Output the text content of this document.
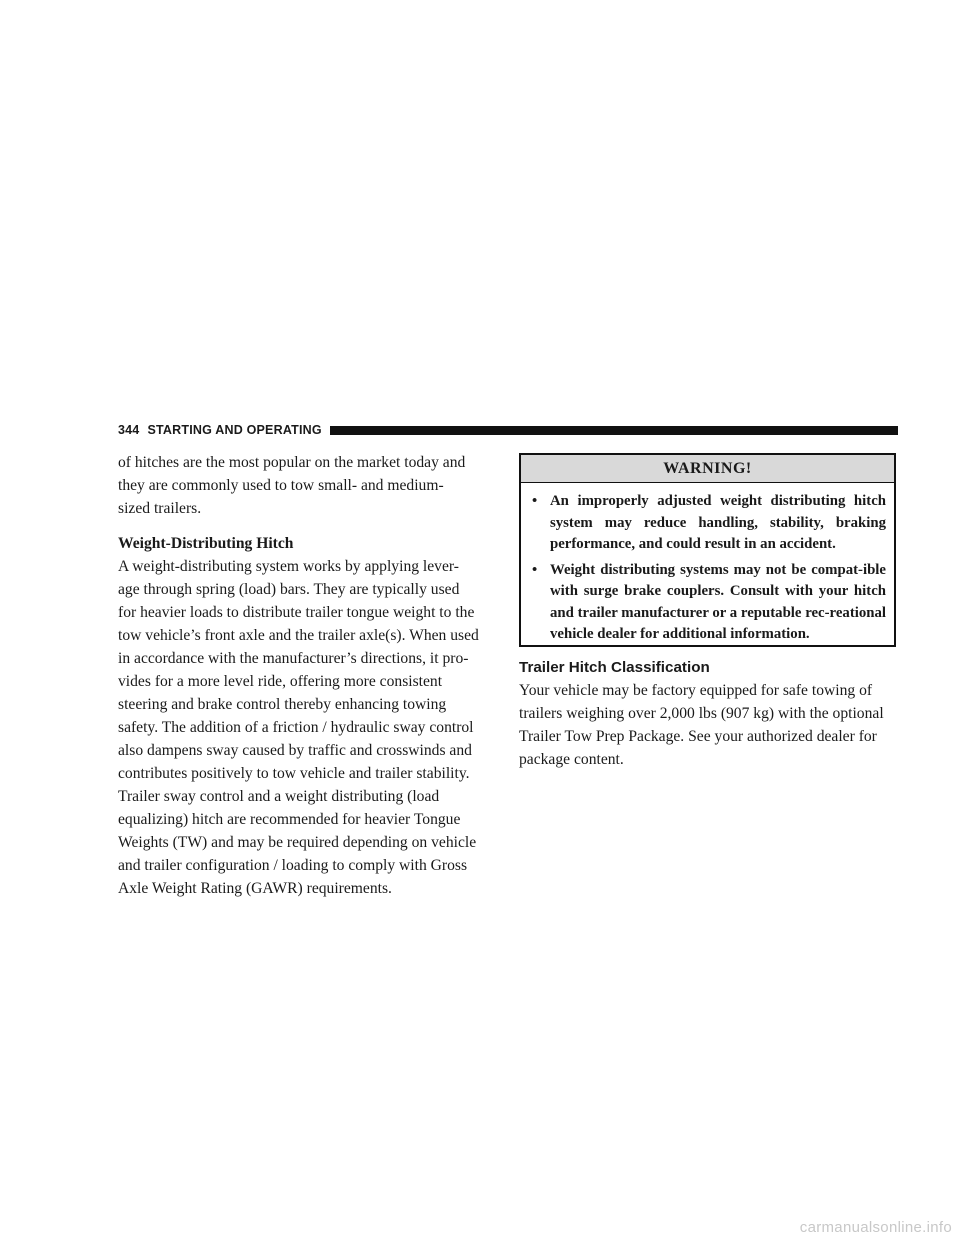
344 STARTING AND OPERATING

of hitches are the most popular on the market today and
they are commonly used to tow small- and medium-
sized trailers.

Weight-Distributing Hitch

A weight-distributing system works by applying lever-
age through spring (load) bars. They are typically used
for heavier loads to distribute trailer tongue weight to the
tow vehicle’s front axle and the trailer axle(s). When used
in accordance with the manufacturer’s directions, it pro-
vides for a more level ride, offering more consistent
steering and brake control thereby enhancing towing
safety. The addition of a friction / hydraulic sway control
also dampens sway caused by traffic and crosswinds and
contributes positively to tow vehicle and trailer stability.
Trailer sway control and a weight distributing (load
equalizing) hitch are recommended for heavier Tongue
Weights (TW) and may be required depending on vehicle
and trailer configuration / loading to comply with Gross
Axle Weight Rating (GAWR) requirements.

WARNING!
• An improperly adjusted weight distributing hitch system may reduce handling, stability, braking performance, and could result in an accident.
• Weight distributing systems may not be compat-ible with surge brake couplers. Consult with your hitch and trailer manufacturer or a reputable rec-reational vehicle dealer for additional information.
Trailer Hitch Classification

Your vehicle may be factory equipped for safe towing of
trailers weighing over 2,000 lbs (907 kg) with the optional
Trailer Tow Prep Package. See your authorized dealer for
package content.

carmanualsonline.info
